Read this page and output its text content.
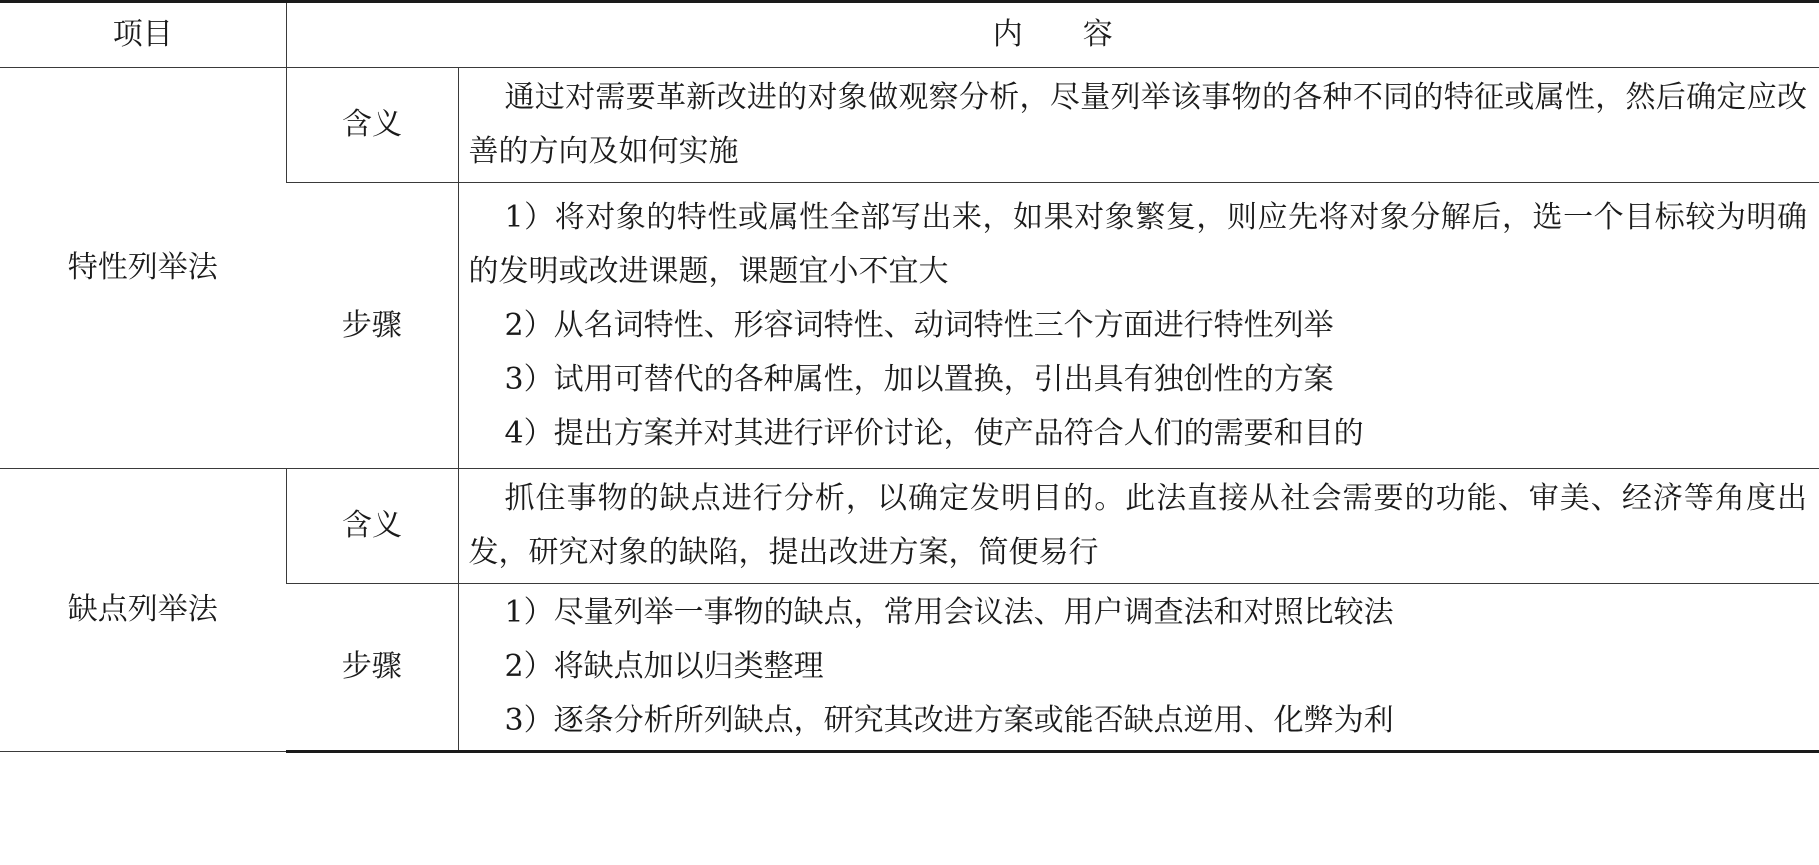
项目	内　　容	
特性列举法	含义	通过对需要革新改进的对象做观察分析，尽量列举该事物的各种不同的特征或属性，然后确定应改善的方向及如何实施

	步骤	1）将对象的特性或属性全部写出来，如果对象繁复，则应先将对象分解后，选一个目标较为明确的发明或改进课题，课题宜小不宜大

2）从名词特性、形容词特性、动词特性三个方面进行特性列举

3）试用可替代的各种属性，加以置换，引出具有独创性的方案

4）提出方案并对其进行评价讨论，使产品符合人们的需要和目的

缺点列举法	含义	抓住事物的缺点进行分析，以确定发明目的。此法直接从社会需要的功能、审美、经济等角度出发，研究对象的缺陷，提出改进方案，简便易行

	步骤	1）尽量列举一事物的缺点，常用会议法、用户调查法和对照比较法

2）将缺点加以归类整理

3）逐条分析所列缺点，研究其改进方案或能否缺点逆用、化弊为利
